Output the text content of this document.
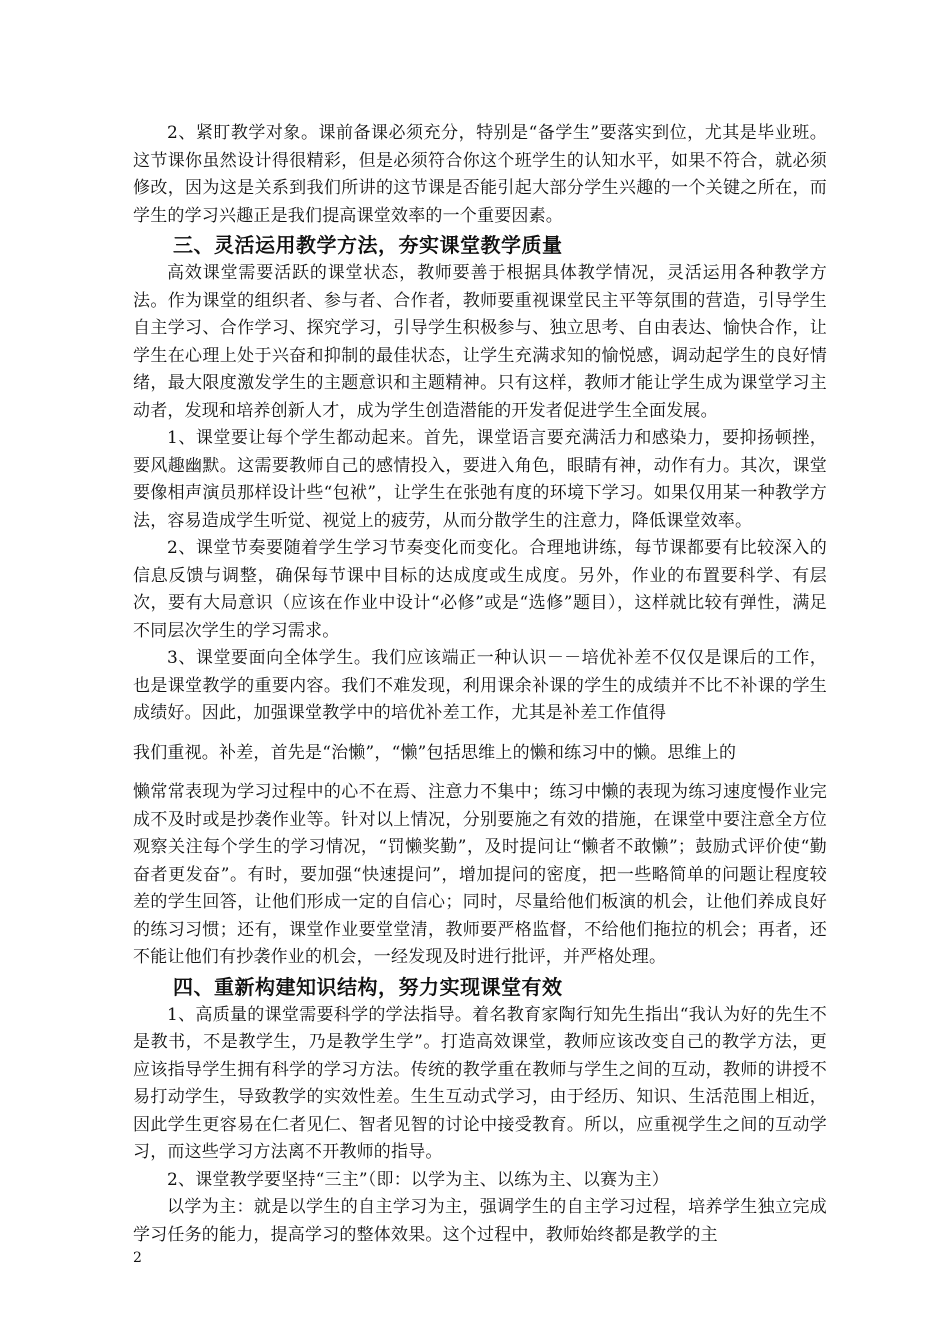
2、紧盯教学对象。课前备课必须充分，特别是“备学生”要落实到位，尤其是毕业班。这节课你虽然设计得很精彩，但是必须符合你这个班学生的认知水平，如果不符合，就必须修改，因为这是关系到我们所讲的这节课是否能引起大部分学生兴趣的一个关键之所在，而学生的学习兴趣正是我们提高课堂效率的一个重要因素。

三、灵活运用教学方法，夯实课堂教学质量

高效课堂需要活跃的课堂状态，教师要善于根据具体教学情况，灵活运用各种教学方法。作为课堂的组织者、参与者、合作者，教师要重视课堂民主平等氛围的营造，引导学生自主学习、合作学习、探究学习，引导学生积极参与、独立思考、自由表达、愉快合作，让学生在心理上处于兴奋和抑制的最佳状态，让学生充满求知的愉悦感，调动起学生的良好情绪，最大限度激发学生的主题意识和主题精神。只有这样，教师才能让学生成为课堂学习主动者，发现和培养创新人才，成为学生创造潜能的开发者促进学生全面发展。

1、课堂要让每个学生都动起来。首先，课堂语言要充满活力和感染力，要抑扬顿挫，要风趣幽默。这需要教师自己的感情投入，要进入角色，眼睛有神，动作有力。其次，课堂要像相声演员那样设计些“包袱”，让学生在张弛有度的环境下学习。如果仅用某一种教学方法，容易造成学生听觉、视觉上的疲劳，从而分散学生的注意力，降低课堂效率。

2、课堂节奏要随着学生学习节奏变化而变化。合理地讲练，每节课都要有比较深入的信息反馈与调整，确保每节课中目标的达成度或生成度。另外，作业的布置要科学、有层次，要有大局意识（应该在作业中设计“必修”或是“选修”题目），这样就比较有弹性，满足不同层次学生的学习需求。

3、课堂要面向全体学生。我们应该端正一种认识－－培优补差不仅仅是课后的工作，也是课堂教学的重要内容。我们不难发现，利用课余补课的学生的成绩并不比不补课的学生成绩好。因此，加强课堂教学中的培优补差工作，尤其是补差工作值得

我们重视。补差，首先是“治懒”，“懒”包括思维上的懒和练习中的懒。思维上的

懒常常表现为学习过程中的心不在焉、注意力不集中；练习中懒的表现为练习速度慢作业完成不及时或是抄袭作业等。针对以上情况，分别要施之有效的措施，在课堂中要注意全方位观察关注每个学生的学习情况，“罚懒奖勤”，及时提问让“懒者不敢懒”；鼓励式评价使“勤奋者更发奋”。有时，要加强“快速提问”，增加提问的密度，把一些略简单的问题让程度较差的学生回答，让他们形成一定的自信心；同时，尽量给他们板演的机会，让他们养成良好的练习习惯；还有，课堂作业要堂堂清，教师要严格监督，不给他们拖拉的机会；再者，还不能让他们有抄袭作业的机会，一经发现及时进行批评，并严格处理。

四、重新构建知识结构，努力实现课堂有效

1、高质量的课堂需要科学的学法指导。着名教育家陶行知先生指出“我认为好的先生不是教书，不是教学生，乃是教学生学”。打造高效课堂，教师应该改变自己的教学方法，更应该指导学生拥有科学的学习方法。传统的教学重在教师与学生之间的互动，教师的讲授不易打动学生，导致教学的实效性差。生生互动式学习，由于经历、知识、生活范围上相近，因此学生更容易在仁者见仁、智者见智的讨论中接受教育。所以，应重视学生之间的互动学习，而这些学习方法离不开教师的指导。

2、课堂教学要坚持“三主”（即：以学为主、以练为主、以赛为主）

以学为主：就是以学生的自主学习为主，强调学生的自主学习过程，培养学生独立完成学习任务的能力，提高学习的整体效果。这个过程中，教师始终都是教学的主

2
